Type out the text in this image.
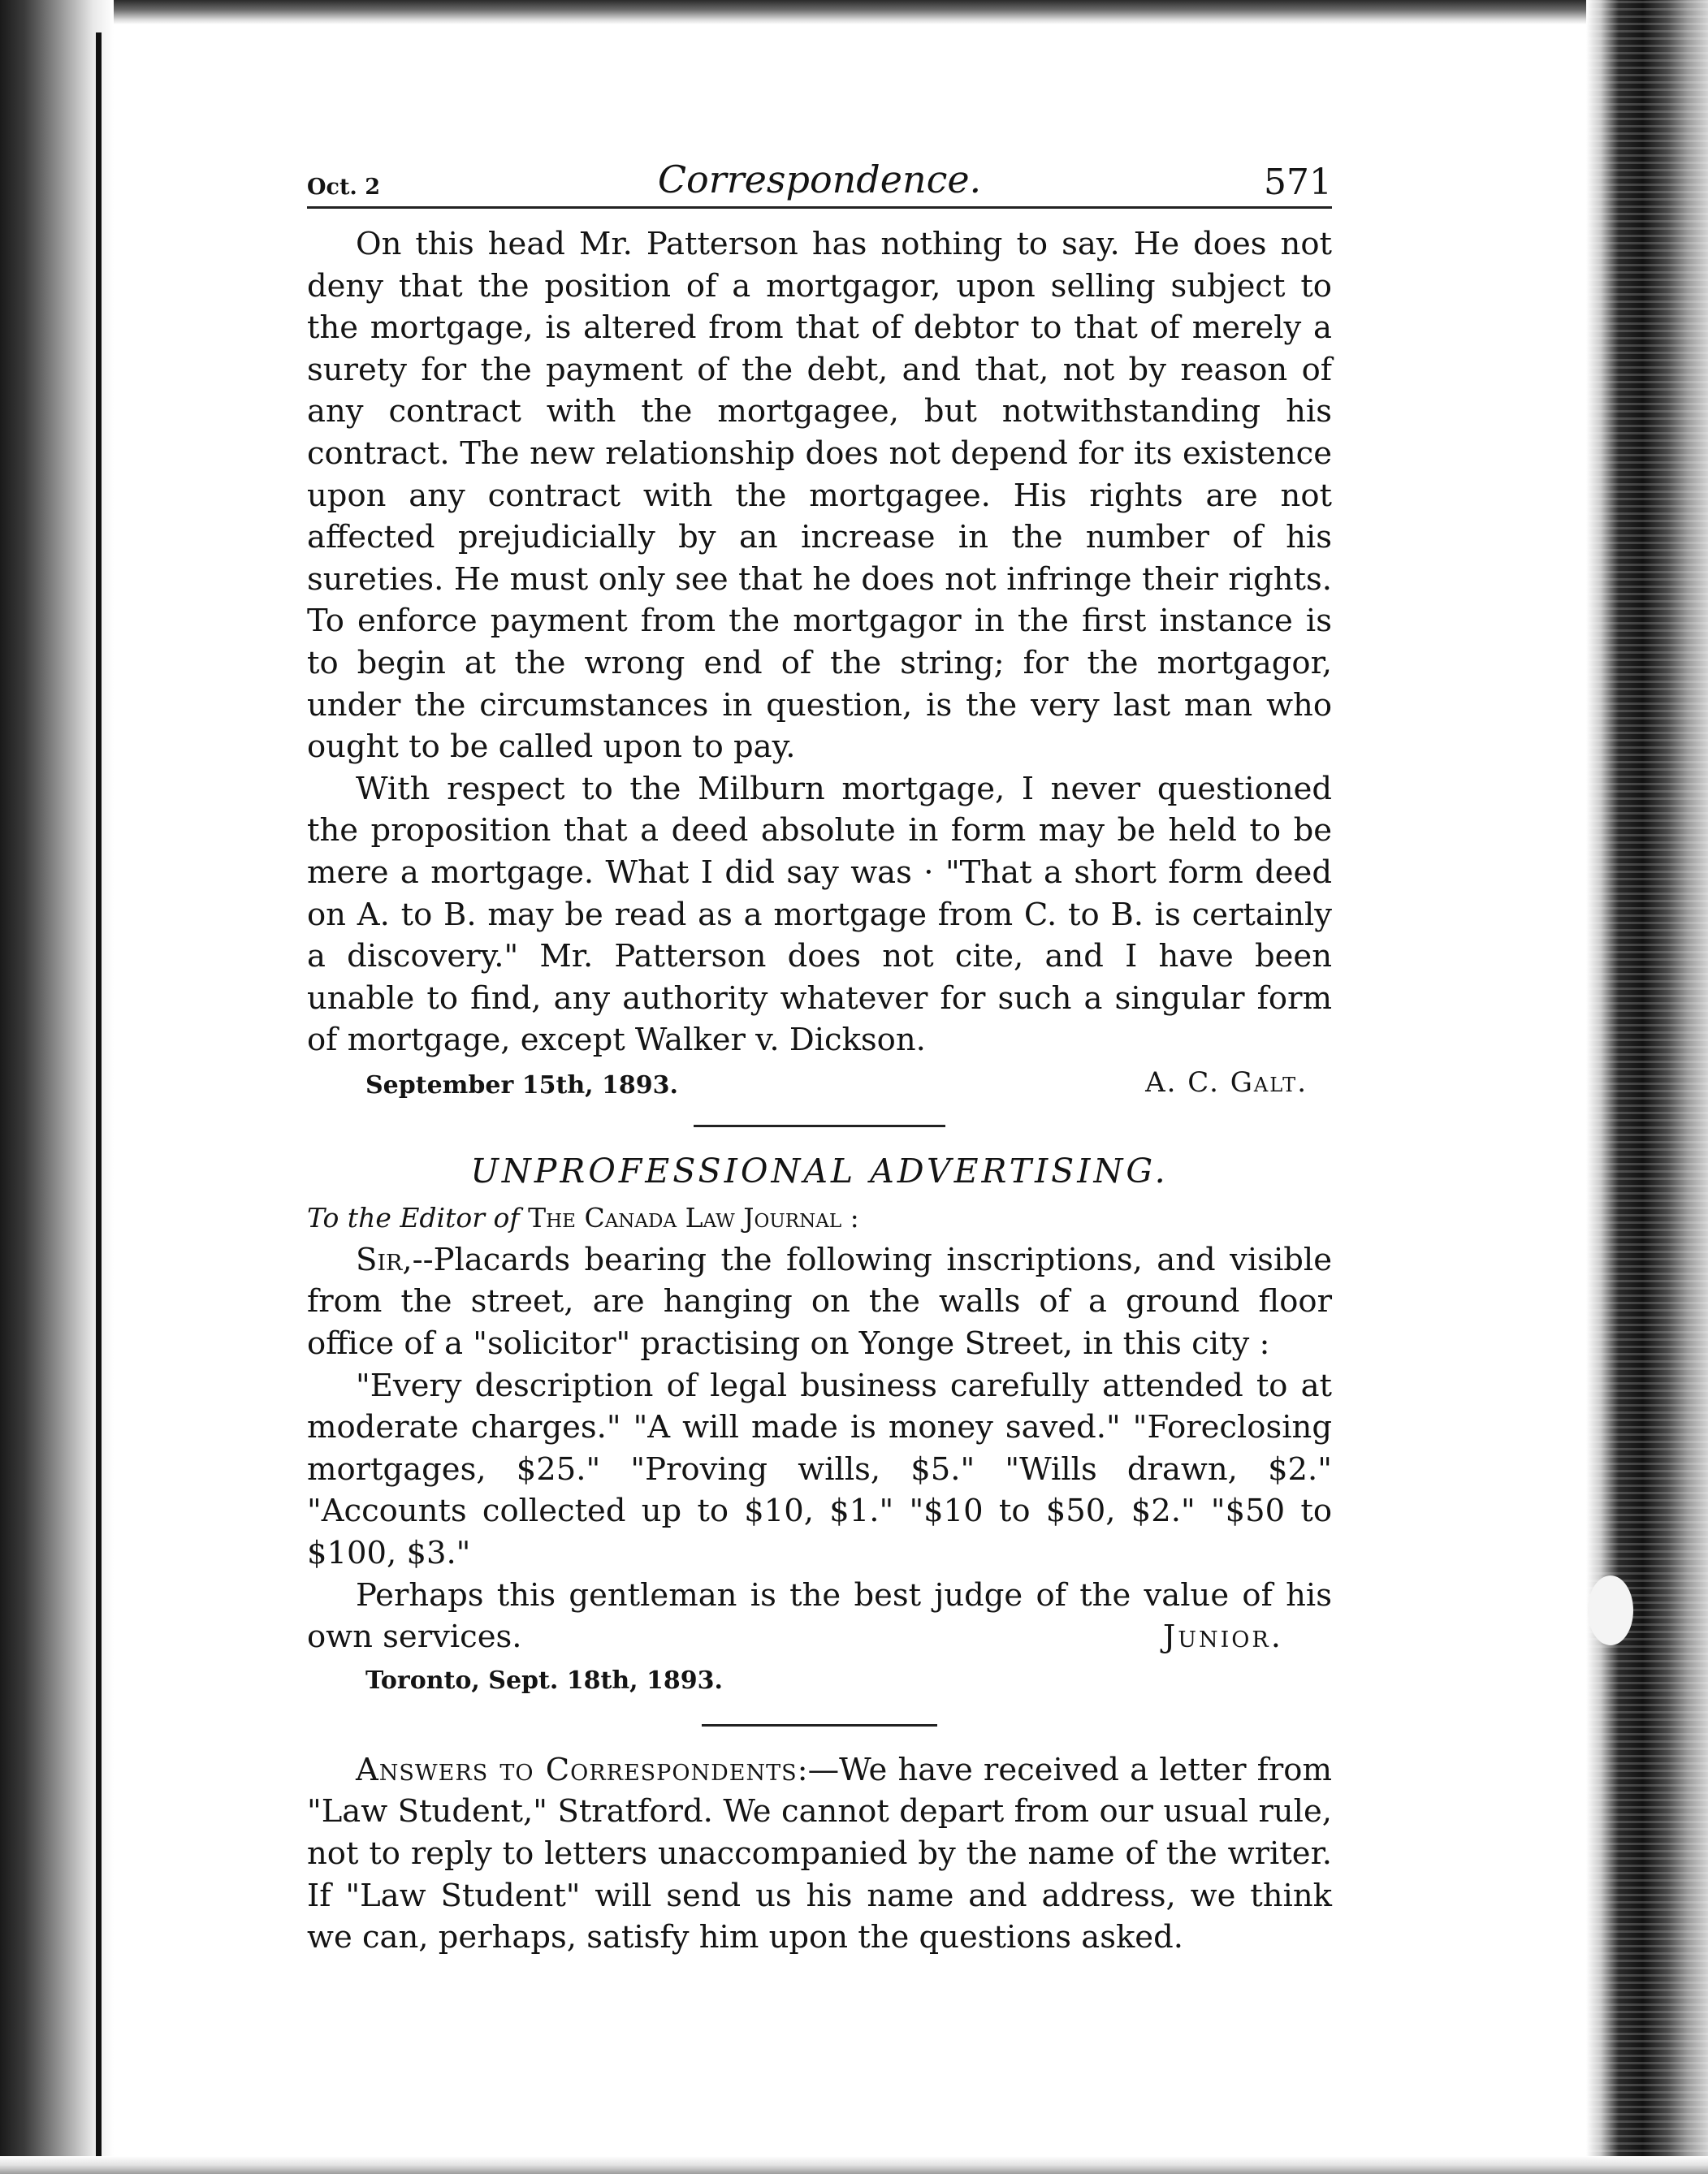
Oct. 2	Correspondence.	571

On this head Mr. Patterson has nothing to say. He does not deny that the position of a mortgagor, upon selling subject to the mortgage, is altered from that of debtor to that of merely a surety for the payment of the debt, and that, not by reason of any contract with the mortgagee, but notwithstanding his contract. The new relationship does not depend for its existence upon any contract with the mortgagee. His rights are not affected prejudicially by an increase in the number of his sureties. He must only see that he does not infringe their rights. To enforce payment from the mortgagor in the first instance is to begin at the wrong end of the string; for the mortgagor, under the circumstances in question, is the very last man who ought to be called upon to pay.

With respect to the Milburn mortgage, I never questioned the proposition that a deed absolute in form may be held to be mere a mortgage. What I did say was · "That a short form deed on A. to B. may be read as a mortgage from C. to B. is certainly a discovery." Mr. Patterson does not cite, and I have been unable to find, any authority whatever for such a singular form of mortgage, except Walker v. Dickson.

September 15th, 1893.	A. C. Galt.
UNPROFESSIONAL ADVERTISING.

To the Editor of The Canada Law Journal :

Sir,--Placards bearing the following inscriptions, and visible from the street, are hanging on the walls of a ground floor office of a "solicitor" practising on Yonge Street, in this city :

"Every description of legal business carefully attended to at moderate charges." "A will made is money saved." "Foreclosing mortgages, $25." "Proving wills, $5." "Wills drawn, $2." "Accounts collected up to $10, $1." "$10 to $50, $2." "$50 to $100, $3."

Perhaps this gentleman is the best judge of the value of his own services.	Junior.

Toronto, Sept. 18th, 1893.

Answers to Correspondents:—We have received a letter from "Law Student," Stratford. We cannot depart from our usual rule, not to reply to letters unaccompanied by the name of the writer. If "Law Student" will send us his name and address, we think we can, perhaps, satisfy him upon the questions asked.
